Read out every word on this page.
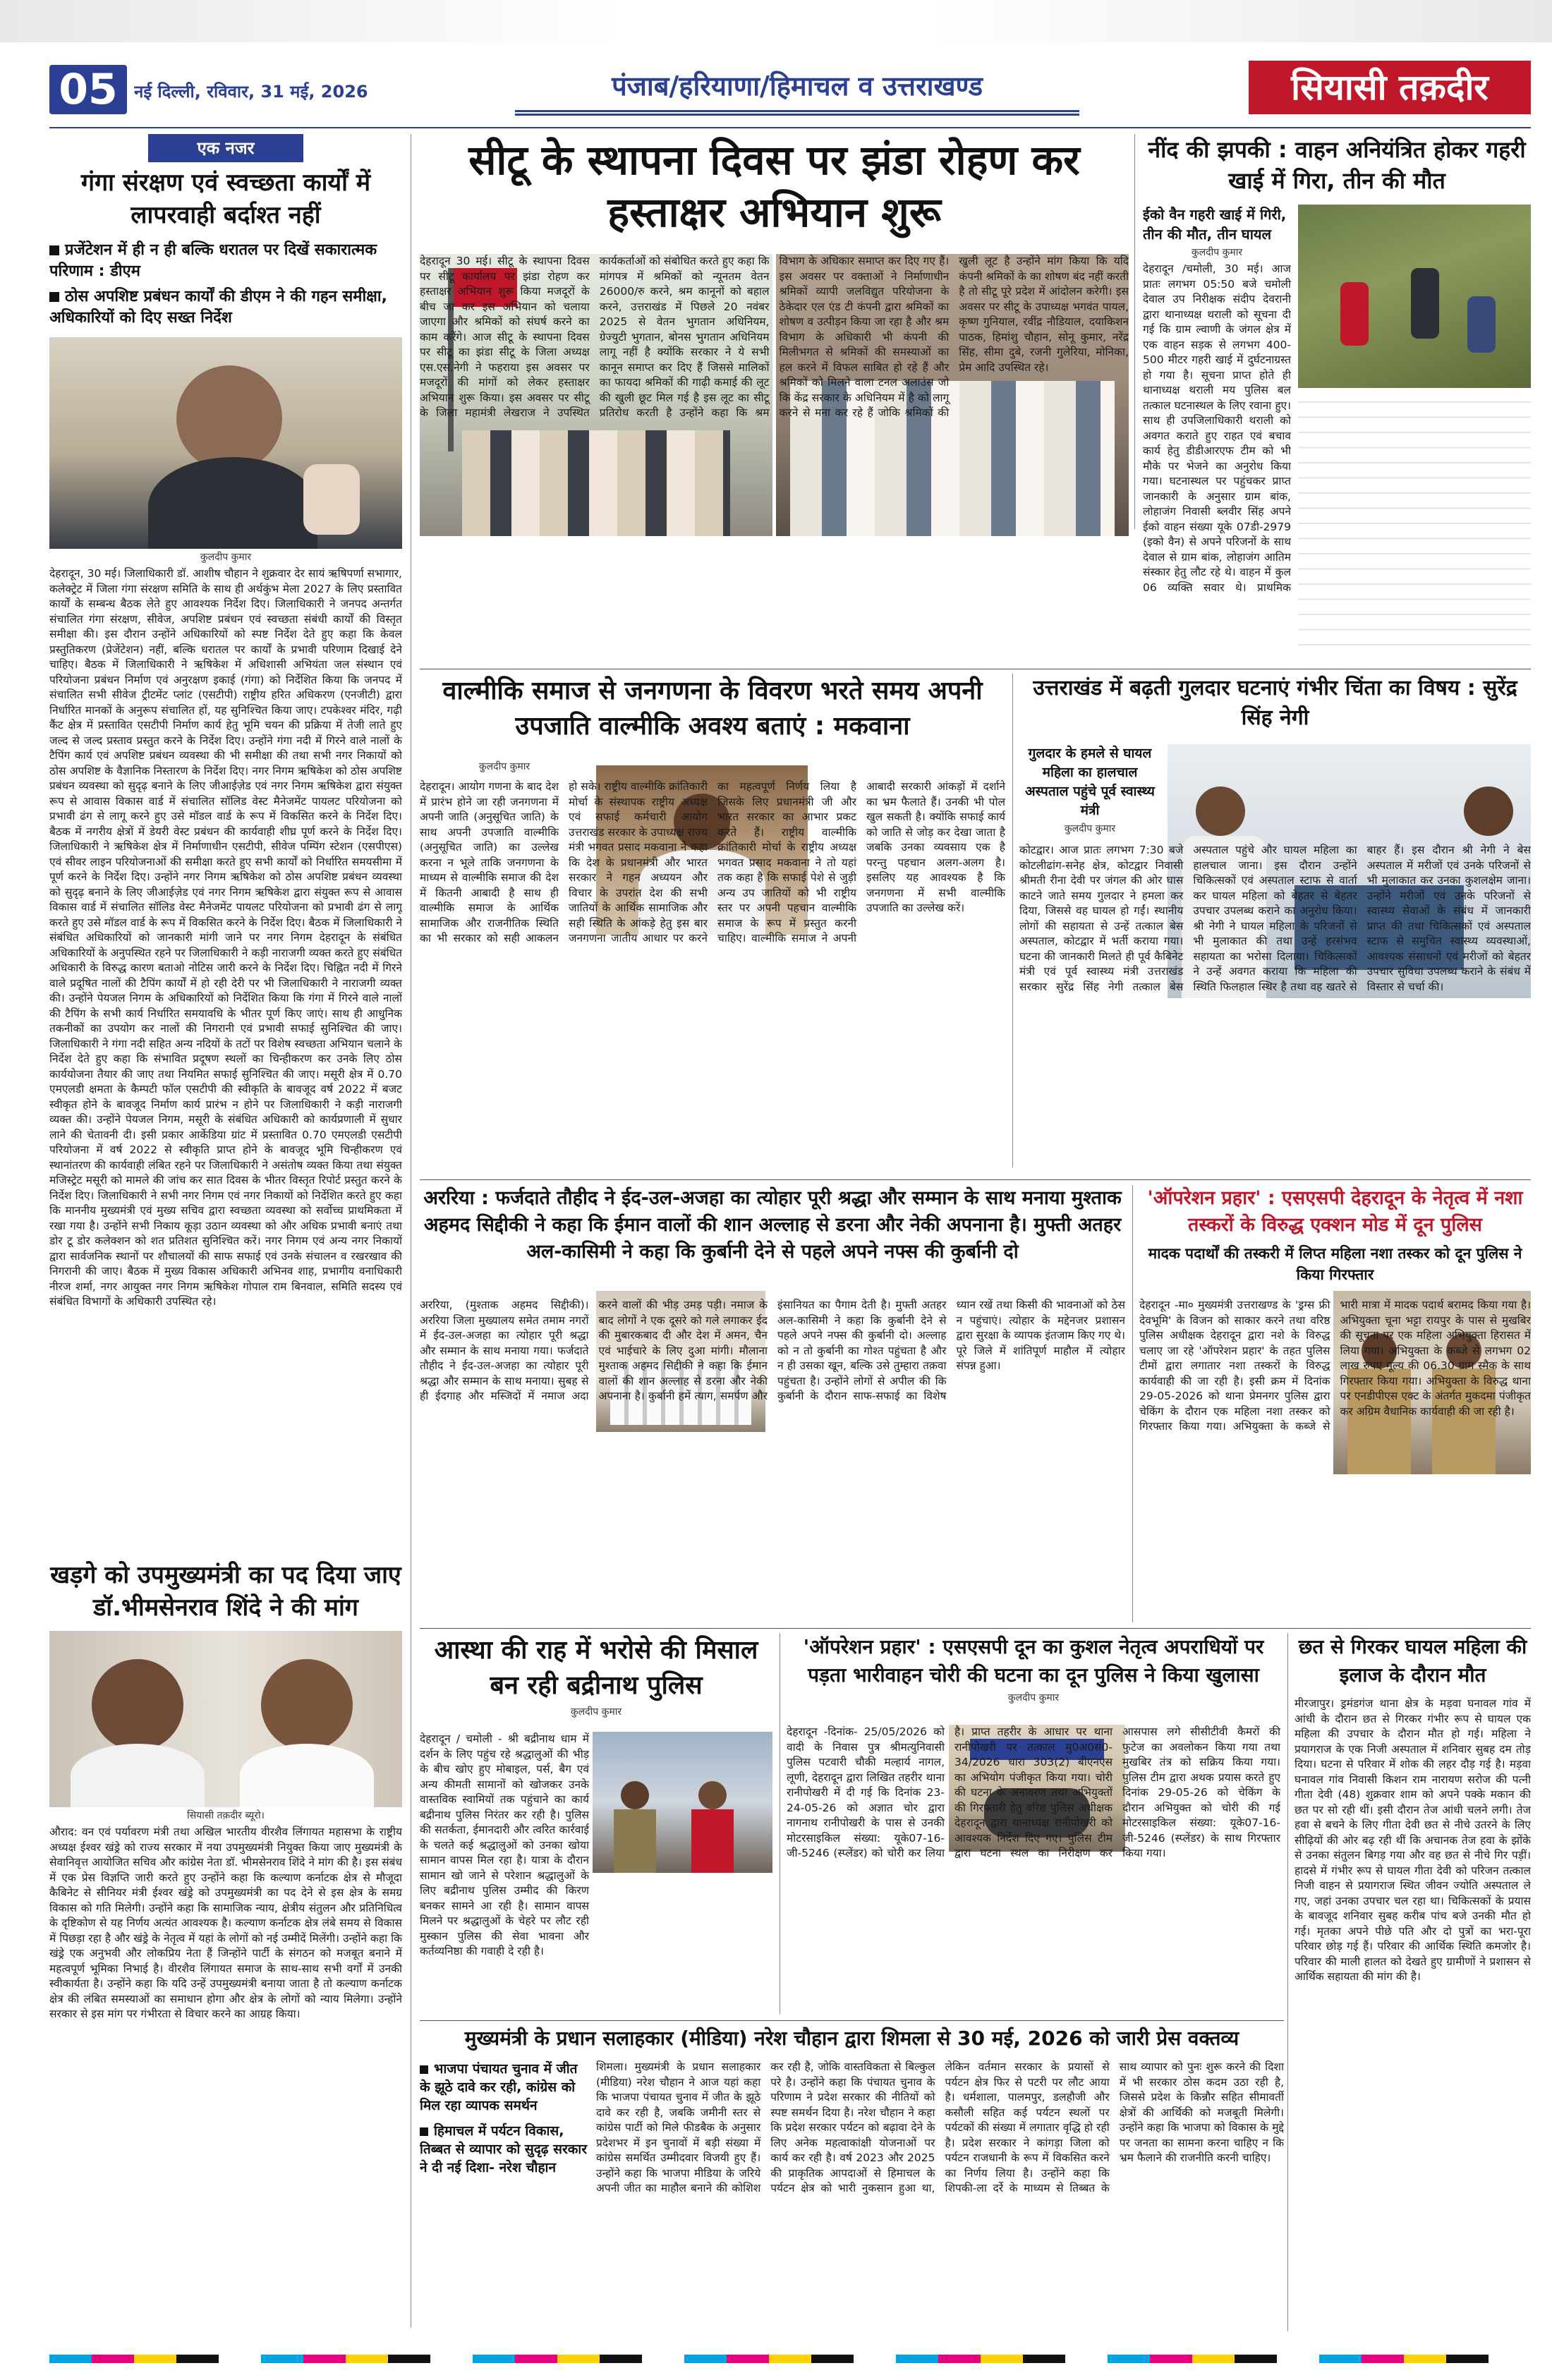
05 नई दिल्ली, रविवार, 31 मई, 2026	पंजाब/हरियाणा/हिमाचल व उत्तराखण्ड	सियासी तक़दीर
एक नजर
गंगा संरक्षण एवं स्वच्छता कार्यों में लापरवाही बर्दाश्त नहीं
प्रजेंटेशन में ही न ही बल्कि धरातल पर दिखें सकारात्मक परिणाम : डीएम
ठोस अपशिष्ट प्रबंधन कार्यों की डीएम ने की गहन समीक्षा, अधिकारियों को दिए सख्त निर्देश
कुलदीप कुमार
देहरादून, 30 मई। जिलाधिकारी डॉ. आशीष चौहान ने शुक्रवार देर सायं ऋषिपर्णा सभागार, कलेक्ट्रेट में जिला गंगा संरक्षण समिति के साथ ही अर्थकुंभ मेला 2027 के लिए प्रस्तावित कार्यों के सम्बन्ध बैठक लेते हुए आवश्यक निर्देश दिए। जिलाधिकारी ने जनपद अन्तर्गत संचालित गंगा संरक्षण, सीवेज, अपशिष्ट प्रबंधन एवं स्वच्छता संबंधी कार्यों की विस्तृत समीक्षा की। इस दौरान उन्होंने अधिकारियों को स्पष्ट निर्देश देते हुए कहा कि केवल प्रस्तुतिकरण (प्रेजेंटेशन) नहीं, बल्कि धरातल पर कार्यों के प्रभावी परिणाम दिखाई देने चाहिए। बैठक में जिलाधिकारी ने ऋषिकेश में अधिशासी अभियंता जल संस्थान एवं परियोजना प्रबंधन निर्माण एवं अनुरक्षण इकाई (गंगा) को निर्देशित किया कि जनपद में संचालित सभी सीवेज ट्रीटमेंट प्लांट (एसटीपी) राष्ट्रीय हरित अधिकरण (एनजीटी) द्वारा निर्धारित मानकों के अनुरूप संचालित हों, यह सुनिश्चित किया जाए। टपकेश्वर मंदिर, गढ़ी कैंट क्षेत्र में प्रस्तावित एसटीपी निर्माण कार्य हेतु भूमि चयन की प्रक्रिया में तेजी लाते हुए जल्द से जल्द प्रस्ताव प्रस्तुत करने के निर्देश दिए। उन्होंने गंगा नदी में गिरने वाले नालों के टैपिंग कार्य एवं अपशिष्ट प्रबंधन व्यवस्था की भी समीक्षा की तथा सभी नगर निकायों को ठोस अपशिष्ट के वैज्ञानिक निस्तारण के निर्देश दिए। नगर निगम ऋषिकेश को ठोस अपशिष्ट प्रबंधन व्यवस्था को सुदृढ़ बनाने के लिए जीआईज़ेड एवं नगर निगम ऋषिकेश द्वारा संयुक्त रूप से आवास विकास वार्ड में संचालित सॉलिड वेस्ट मैनेजमेंट पायलट परियोजना को प्रभावी ढंग से लागू करने हुए उसे मॉडल वार्ड के रूप में विकसित करने के निर्देश दिए। बैठक में नगरीय क्षेत्रों में डेयरी वेस्ट प्रबंधन की कार्यवाही शीघ्र पूर्ण करने के निर्देश दिए। जिलाधिकारी ने ऋषिकेश क्षेत्र में निर्माणाधीन एसटीपी, सीवेज पम्पिंग स्टेशन (एसपीएस) एवं सीवर लाइन परियोजनाओं की समीक्षा करते हुए सभी कार्यों को निर्धारित समयसीमा में पूर्ण करने के निर्देश दिए। उन्होंने नगर निगम ऋषिकेश को ठोस अपशिष्ट प्रबंधन व्यवस्था को सुदृढ़ बनाने के लिए जीआईज़ेड एवं नगर निगम ऋषिकेश द्वारा संयुक्त रूप से आवास विकास वार्ड में संचालित सॉलिड वेस्ट मैनेजमेंट पायलट परियोजना को प्रभावी ढंग से लागू करते हुए उसे मॉडल वार्ड के रूप में विकसित करने के निर्देश दिए। बैठक में जिलाधिकारी ने संबंधित अधिकारियों को जानकारी मांगी जाने पर नगर निगम देहरादून के संबंधित अधिकारियों के अनुपस्थित रहने पर जिलाधिकारी ने कड़ी नाराजगी व्यक्त करते हुए संबंधित अधिकारी के विरुद्ध कारण बताओ नोटिस जारी करने के निर्देश दिए। चिह्नित नदी में गिरने वाले प्रदूषित नालों की टैपिंग कार्यों में हो रही देरी पर भी जिलाधिकारी ने नाराजगी व्यक्त की। उन्होंने पेयजल निगम के अधिकारियों को निर्देशित किया कि गंगा में गिरने वाले नालों की टैपिंग के सभी कार्य निर्धारित समयावधि के भीतर पूर्ण किए जाएं। साथ ही आधुनिक तकनीकों का उपयोग कर नालों की निगरानी एवं प्रभावी सफाई सुनिश्चित की जाए। जिलाधिकारी ने गंगा नदी सहित अन्य नदियों के तटों पर विशेष स्वच्छता अभियान चलाने के निर्देश देते हुए कहा कि संभावित प्रदूषण स्थलों का चिन्हीकरण कर उनके लिए ठोस कार्ययोजना तैयार की जाए तथा नियमित सफाई सुनिश्चित की जाए। मसूरी क्षेत्र में 0.70 एमएलडी क्षमता के कैम्पटी फॉल एसटीपी की स्वीकृति के बावजूद वर्ष 2022 में बजट स्वीकृत होने के बावजूद निर्माण कार्य प्रारंभ न होने पर जिलाधिकारी ने कड़ी नाराजगी व्यक्त की। उन्होंने पेयजल निगम, मसूरी के संबंधित अधिकारी को कार्यप्रणाली में सुधार लाने की चेतावनी दी। इसी प्रकार आर्केडिया ग्रांट में प्रस्तावित 0.70 एमएलडी एसटीपी परियोजना में वर्ष 2022 से स्वीकृति प्राप्त होने के बावजूद भूमि चिन्हीकरण एवं स्थानांतरण की कार्यवाही लंबित रहने पर जिलाधिकारी ने असंतोष व्यक्त किया तथा संयुक्त मजिस्ट्रेट मसूरी को मामले की जांच कर सात दिवस के भीतर विस्तृत रिपोर्ट प्रस्तुत करने के निर्देश दिए। जिलाधिकारी ने सभी नगर निगम एवं नगर निकायों को निर्देशित करते हुए कहा कि माननीय मुख्यमंत्री एवं मुख्य सचिव द्वारा स्वच्छता व्यवस्था को सर्वोच्च प्राथमिकता में रखा गया है। उन्होंने सभी निकाय कूड़ा उठान व्यवस्था को और अधिक प्रभावी बनाएं तथा डोर टू डोर कलेक्शन को शत प्रतिशत सुनिश्चित करें। नगर निगम एवं अन्य नगर निकायों द्वारा सार्वजनिक स्थानों पर शौचालयों की साफ सफाई एवं उनके संचालन व रखरखाव की निगरानी की जाए। बैठक में मुख्य विकास अधिकारी अभिनव शाह, प्रभागीय वनाधिकारी नीरज शर्मा, नगर आयुक्त नगर निगम ऋषिकेश गोपाल राम बिनवाल, समिति सदस्य एवं संबंधित विभागों के अधिकारी उपस्थित रहे।
खड़गे को उपमुख्यमंत्री का पद दिया जाए डॉ.भीमसेनराव शिंदे ने की मांग
सियासी तक़दीर ब्यूरो।
औराद: वन एवं पर्यावरण मंत्री तथा अखिल भारतीय वीरशैव लिंगायत महासभा के राष्ट्रीय अध्यक्ष ईश्वर खंड्रे को राज्य सरकार में नया उपमुख्यमंत्री नियुक्त किया जाए मुख्यमंत्री के सेवानिवृत्त आयोजित सचिव और कांग्रेस नेता डॉ. भीमसेनराव शिंदे ने मांग की है। इस संबंध में एक प्रेस विज्ञप्ति जारी करते हुए उन्होंने कहा कि कल्याण कर्नाटक क्षेत्र से मौजूदा कैबिनेट से सीनियर मंत्री ईश्वर खंड्रे को उपमुख्यमंत्री का पद देने से इस क्षेत्र के समग्र विकास को गति मिलेगी। उन्होंने कहा कि सामाजिक न्याय, क्षेत्रीय संतुलन और प्रतिनिधित्व के दृष्टिकोण से यह निर्णय अत्यंत आवश्यक है। कल्याण कर्नाटक क्षेत्र लंबे समय से विकास में पिछड़ा रहा है और खंड्रे के नेतृत्व में यहां के लोगों को नई उम्मीदें मिलेंगी। उन्होंने कहा कि खंड्रे एक अनुभवी और लोकप्रिय नेता हैं जिन्होंने पार्टी के संगठन को मजबूत बनाने में महत्वपूर्ण भूमिका निभाई है। वीरशैव लिंगायत समाज के साथ-साथ सभी वर्गों में उनकी स्वीकार्यता है। उन्होंने कहा कि यदि उन्हें उपमुख्यमंत्री बनाया जाता है तो कल्याण कर्नाटक क्षेत्र की लंबित समस्याओं का समाधान होगा और क्षेत्र के लोगों को न्याय मिलेगा। उन्होंने सरकार से इस मांग पर गंभीरता से विचार करने का आग्रह किया।
सीटू के स्थापना दिवस पर झंडा रोहण कर हस्ताक्षर अभियान शुरू
देहरादून 30 मई। सीटू के स्थापना दिवस पर सीटू कार्यालय पर झंडा रोहण कर हस्ताक्षर अभियान शुरू किया मजदूरों के बीच जा कर इस अभियान को चलाया जाएगा और श्रमिकों को संघर्ष करने का काम करेंगे। आज सीटू के स्थापना दिवस पर सीटू का झंडा सीटू के जिला अध्यक्ष एस.एस.नेगी ने फहराया इस अवसर पर मजदूरों की मांगों को लेकर हस्ताक्षर अभियान शुरू किया। इस अवसर पर सीटू के जिला महामंत्री लेखराज ने उपस्थित कार्यकर्ताओं को संबोधित करते हुए कहा कि मांगपत्र में श्रमिकों को न्यूनतम वेतन 26000/रु करने, श्रम कानूनों को बहाल करने, उत्तराखंड में पिछले 20 नवंबर 2025 से वेतन भुगतान अधिनियम, ग्रेज्युटी भुगतान, बोनस भुगतान अधिनियम लागू नहीं है क्योंकि सरकार ने ये सभी कानून समाप्त कर दिए हैं जिससे मालिकों का फायदा श्रमिकों की गाढ़ी कमाई की लूट की खुली छूट मिल गई है इस लूट का सीटू प्रतिरोध करती है उन्होंने कहा कि श्रम विभाग के अधिकार समाप्त कर दिए गए हैं। इस अवसर पर वक्ताओं ने निर्माणाधीन श्रमिकों व्यापी जलविद्युत परियोजना के ठेकेदार एल एंड टी कंपनी द्वारा श्रमिकों का शोषण व उत्पीड़न किया जा रहा है और श्रम विभाग के अधिकारी भी कंपनी की मिलीभगत से श्रमिकों की समस्याओं का हल करने में विफल साबित हो रहे हैं और श्रमिकों को मिलने वाला टनल अलाउंस जो कि केंद्र सरकार के अधिनियम में है को लागू करने से मना कर रहे हैं जोकि श्रमिकों की खुली लूट है उन्होंने मांग किया कि यदि कंपनी श्रमिकों के का शोषण बंद नहीं करती है तो सीटू पूरे प्रदेश में आंदोलन करेगी। इस अवसर पर सीटू के उपाध्यक्ष भगवंत पायल, कृष्ण गुनियाल, रवींद्र नौडियाल, दयाकिशन पाठक, हिमांशु चौहान, सोनू कुमार, नरेंद्र सिंह, सीमा दुबे, रजनी गुलेरिया, मोनिका, प्रेम आदि उपस्थित रहे।
नींद की झपकी : वाहन अनियंत्रित होकर गहरी खाई में गिरा, तीन की मौत
ईको वैन गहरी खाई में गिरी, तीन की मौत, तीन घायल
कुलदीप कुमार
देहरादून /चमोली, 30 मई। आज प्रातः लगभग 05:50 बजे चमोली देवाल उप निरीक्षक संदीप देवरानी द्वारा थानाध्यक्ष थराली को सूचना दी गई कि ग्राम ल्वाणी के जंगल क्षेत्र में एक वाहन सड़क से लगभग 400-500 मीटर गहरी खाई में दुर्घटनाग्रस्त हो गया है। सूचना प्राप्त होते ही थानाध्यक्ष थराली मय पुलिस बल तत्काल घटनास्थल के लिए रवाना हुए। साथ ही उपजिलाधिकारी थराली को अवगत कराते हुए राहत एवं बचाव कार्य हेतु डीडीआरएफ टीम को भी मौके पर भेजने का अनुरोध किया गया। घटनास्थल पर पहुंचकर प्राप्त जानकारी के अनुसार ग्राम बांक, लोहाजंग निवासी ब्लवीर सिंह अपने ईको वाहन संख्या यूके 07डी-2979 (इको वैन) से अपने परिजनों के साथ देवाल से ग्राम बांक, लोहाजंग आतिम संस्कार हेतु लौट रहे थे। वाहन में कुल 06 व्यक्ति सवार थे। प्राथमिक
वाल्मीकि समाज से जनगणना के विवरण भरते समय अपनी उपजाति वाल्मीकि अवश्य बताएं : मकवाना
कुलदीप कुमार
देहरादून। आयोग गणना के बाद देश में प्रारंभ होने जा रही जनगणना में अपनी जाति (अनुसूचित जाति) के साथ अपनी उपजाति वाल्मीकि (अनुसूचित जाति) का उल्लेख करना न भूले ताकि जनगणना के माध्यम से वाल्मीकि समाज की देश में कितनी आबादी है साथ ही वाल्मीकि समाज के आर्थिक सामाजिक और राजनीतिक स्थिति का भी सरकार को सही आकलन हो सके। राष्ट्रीय वाल्मीकि क्रांतिकारी मोर्चा के संस्थापक राष्ट्रीय अध्यक्ष एवं सफाई कर्मचारी आयोग उत्तराखंड सरकार के उपाध्यक्ष राज्य मंत्री भगवत प्रसाद मकवाना ने कहा कि देश के प्रधानमंत्री और भारत सरकार ने गहन अध्ययन और विचार के उपरांत देश की सभी जातियों के आर्थिक सामाजिक और सही स्थिति के आंकड़े हेतु इस बार जनगणना जातीय आधार पर करने का महत्वपूर्ण निर्णय लिया है जिसके लिए प्रधानमंत्री जी और भारत सरकार का आभार प्रकट करते हैं। राष्ट्रीय वाल्मीकि क्रांतिकारी मोर्चा के राष्ट्रीय अध्यक्ष भगवत प्रसाद मकवाना ने तो यहां तक कहा है कि सफाई पेशे से जुड़ी अन्य उप जातियों को भी राष्ट्रीय स्तर पर अपनी पहचान वाल्मीकि समाज के रूप में प्रस्तुत करनी चाहिए। वाल्मीकि समाज ने अपनी आबादी सरकारी आंकड़ों में दर्शाने का भ्रम फैलाते हैं। उनकी भी पोल खुल सकती है। क्योंकि सफाई कार्य को जाति से जोड़ कर देखा जाता है जबकि उनका व्यवसाय एक है परन्तु पहचान अलग-अलग है। इसलिए यह आवश्यक है कि जनगणना में सभी वाल्मीकि उपजाति का उल्लेख करें।
उत्तराखंड में बढ़ती गुलदार घटनाएं गंभीर चिंता का विषय : सुरेंद्र सिंह नेगी
गुलदार के हमले से घायल महिला का हालचाल अस्पताल पहुंचे पूर्व स्वास्थ्य मंत्री
कुलदीप कुमार
कोटद्वार। आज प्रातः लगभग 7:30 बजे कोटलीढांग-सनेह क्षेत्र, कोटद्वार निवासी श्रीमती रीना देवी पर जंगल की ओर घास काटने जाते समय गुलदार ने हमला कर दिया, जिससे वह घायल हो गईं। स्थानीय लोगों की सहायता से उन्हें तत्काल बेस अस्पताल, कोटद्वार में भर्ती कराया गया। घटना की जानकारी मिलते ही पूर्व कैबिनेट मंत्री एवं पूर्व स्वास्थ्य मंत्री उत्तराखंड सरकार सुरेंद्र सिंह नेगी तत्काल बेस अस्पताल पहुंचे और घायल महिला का हालचाल जाना। इस दौरान उन्होंने चिकित्सकों एवं अस्पताल स्टाफ से वार्ता कर घायल महिला को बेहतर से बेहतर उपचार उपलब्ध कराने का अनुरोध किया। श्री नेगी ने घायल महिला के परिजनों से भी मुलाकात की तथा उन्हें हरसंभव सहायता का भरोसा दिलाया। चिकित्सकों ने उन्हें अवगत कराया कि महिला की स्थिति फिलहाल स्थिर है तथा वह खतरे से बाहर हैं। इस दौरान श्री नेगी ने बेस अस्पताल में मरीजों एवं उनके परिजनों से भी मुलाकात कर उनका कुशलक्षेम जाना। उन्होंने मरीजों एवं उनके परिजनों से स्वास्थ्य सेवाओं के संबंध में जानकारी प्राप्त की तथा चिकित्सकों एवं अस्पताल स्टाफ से समुचित स्वास्थ्य व्यवस्थाओं, आवश्यक संसाधनों एवं मरीजों को बेहतर उपचार सुविधा उपलब्ध कराने के संबंध में विस्तार से चर्चा की।
अररिया : फर्जदाते तौहीद ने ईद-उल-अजहा का त्योहार पूरी श्रद्धा और सम्मान के साथ मनाया मुश्ताक अहमद सिद्दीकी ने कहा कि ईमान वालों की शान अल्लाह से डरना और नेकी अपनाना है। मुफ्ती अतहर अल-कासिमी ने कहा कि कुर्बानी देने से पहले अपने नफ्स की कुर्बानी दो
अररिया, (मुश्ताक अहमद सिद्दीकी)। अररिया जिला मुख्यालय समेत तमाम नगरों में ईद-उल-अजहा का त्योहार पूरी श्रद्धा और सम्मान के साथ मनाया गया। फर्जदाते तौहीद ने ईद-उल-अजहा का त्योहार पूरी श्रद्धा और सम्मान के साथ मनाया। सुबह से ही ईदगाह और मस्जिदों में नमाज अदा करने वालों की भीड़ उमड़ पड़ी। नमाज के बाद लोगों ने एक दूसरे को गले लगाकर ईद की मुबारकबाद दी और देश में अमन, चैन एवं भाईचारे के लिए दुआ मांगी। मौलाना मुश्ताक अहमद सिद्दीकी ने कहा कि ईमान वालों की शान अल्लाह से डरना और नेकी अपनाना है। कुर्बानी हमें त्याग, समर्पण और इंसानियत का पैगाम देती है। मुफ्ती अतहर अल-कासिमी ने कहा कि कुर्बानी देने से पहले अपने नफ्स की कुर्बानी दो। अल्लाह को न तो कुर्बानी का गोश्त पहुंचता है और न ही उसका खून, बल्कि उसे तुम्हारा तक़वा पहुंचता है। उन्होंने लोगों से अपील की कि कुर्बानी के दौरान साफ-सफाई का विशेष ध्यान रखें तथा किसी की भावनाओं को ठेस न पहुंचाएं। त्योहार के मद्देनजर प्रशासन द्वारा सुरक्षा के व्यापक इंतजाम किए गए थे। पूरे जिले में शांतिपूर्ण माहौल में त्योहार संपन्न हुआ।
'ऑपरेशन प्रहार' : एसएसपी देहरादून के नेतृत्व में नशा तस्करों के विरुद्ध एक्शन मोड में दून पुलिस
मादक पदार्थों की तस्करी में लिप्त महिला नशा तस्कर को दून पुलिस ने किया गिरफ्तार
देहरादून -मा० मुख्यमंत्री उत्तराखण्ड के 'ड्रग्स फ्री देवभूमि' के विजन को साकार करने तथा वरिष्ठ पुलिस अधीक्षक देहरादून द्वारा नशे के विरुद्ध चलाए जा रहे 'ऑपरेशन प्रहार' के तहत पुलिस टीमों द्वारा लगातार नशा तस्करों के विरुद्ध कार्यवाही की जा रही है। इसी क्रम में दिनांक 29-05-2026 को थाना प्रेमनगर पुलिस द्वारा चेकिंग के दौरान एक महिला नशा तस्कर को गिरफ्तार किया गया। अभियुक्ता के कब्जे से भारी मात्रा में मादक पदार्थ बरामद किया गया है। अभियुक्ता चूना भट्टा रायपुर के पास से मुखबिर की सूचना पर एक महिला अभियुक्ता हिरासत में लिया गया। अभियुक्ता के कब्जे से लगभग 02 लाख रुपए मूल्य की 06.30 ग्राम स्मैक के साथ गिरफ्तार किया गया। अभियुक्ता के विरुद्ध थाना पर एनडीपीएस एक्ट के अंतर्गत मुकदमा पंजीकृत कर अग्रिम वैधानिक कार्यवाही की जा रही है।
आस्था की राह में भरोसे की मिसाल बन रही बद्रीनाथ पुलिस
कुलदीप कुमार
देहरादून / चमोली - श्री बद्रीनाथ धाम में दर्शन के लिए पहुंच रहे श्रद्धालुओं की भीड़ के बीच खोए हुए मोबाइल, पर्स, बैग एवं अन्य कीमती सामानों को खोजकर उनके वास्तविक स्वामियों तक पहुंचाने का कार्य बद्रीनाथ पुलिस निरंतर कर रही है। पुलिस की सतर्कता, ईमानदारी और त्वरित कार्रवाई के चलते कई श्रद्धालुओं को उनका खोया सामान वापस मिल रहा है। यात्रा के दौरान सामान खो जाने से परेशान श्रद्धालुओं के लिए बद्रीनाथ पुलिस उम्मीद की किरण बनकर सामने आ रही है। सामान वापस मिलने पर श्रद्धालुओं के चेहरे पर लौट रही मुस्कान पुलिस की सेवा भावना और कर्तव्यनिष्ठा की गवाही दे रही है।
'ऑपरेशन प्रहार' : एसएसपी दून का कुशल नेतृत्व अपराधियों पर पड़ता भारीवाहन चोरी की घटना का दून पुलिस ने किया खुलासा
कुलदीप कुमार
देहरादून -दिनांक- 25/05/2026 को वादी के निवास पुत्र श्रीमत्युनिवासी पुलिस पटवारी चौकी मल्हार्य नागल, लूणी, देहरादून द्वारा लिखित तहरीर थाना रानीपोखरी में दी गई कि दिनांक 23-24-05-26 को अज्ञात चोर द्वारा नागनाथ रानीपोखरी के पास से उनकी मोटरसाइकिल संख्या: यूके07-16-जी-5246 (स्प्लेंडर) को चोरी कर लिया है। प्राप्त तहरीर के आधार पर थाना रानीपोखरी पर तत्काल मु0अ0सं0- 34/2026 धारा 303(2) बीएनएस का अभियोग पंजीकृत किया गया। चोरी की घटना के अनावरण तथा अभियुक्तों की गिरफ्तारी हेतु वरिष्ठ पुलिस अधीक्षक देहरादून द्वारा थानाध्यक्ष रानीपोखरी को आवश्यक निर्देश दिए गए। पुलिस टीम द्वारा घटना स्थल का निरीक्षण कर आसपास लगे सीसीटीवी कैमरों की फुटेज का अवलोकन किया गया तथा मुखबिर तंत्र को सक्रिय किया गया। पुलिस टीम द्वारा अथक प्रयास करते हुए दिनांक 29-05-26 को चेकिंग के दौरान अभियुक्त को चोरी की गई मोटरसाइकिल संख्या: यूके07-16-जी-5246 (स्प्लेंडर) के साथ गिरफ्तार किया गया।
छत से गिरकर घायल महिला की इलाज के दौरान मौत
मीरजापुर। ड्रमंडगंज थाना क्षेत्र के मड़वा घनावल गांव में आंधी के दौरान छत से गिरकर गंभीर रूप से घायल एक महिला की उपचार के दौरान मौत हो गई। महिला ने प्रयागराज के एक निजी अस्पताल में शनिवार सुबह दम तोड़ दिया। घटना से परिवार में शोक की लहर दौड़ गई है। मड़वा घनावल गांव निवासी किशन राम नारायण सरोज की पत्नी गीता देवी (48) शुक्रवार शाम को अपने पक्के मकान की छत पर सो रही थीं। इसी दौरान तेज आंधी चलने लगी। तेज हवा से बचने के लिए गीता देवी छत से नीचे उतरने के लिए सीढ़ियों की ओर बढ़ रही थीं कि अचानक तेज हवा के झोंके से उनका संतुलन बिगड़ गया और वह छत से नीचे गिर पड़ीं। हादसे में गंभीर रूप से घायल गीता देवी को परिजन तत्काल निजी वाहन से प्रयागराज स्थित जीवन ज्योति अस्पताल ले गए, जहां उनका उपचार चल रहा था। चिकित्सकों के प्रयास के बावजूद शनिवार सुबह करीब पांच बजे उनकी मौत हो गई। मृतका अपने पीछे पति और दो पुत्रों का भरा-पूरा परिवार छोड़ गई हैं। परिवार की आर्थिक स्थिति कमजोर है। परिवार की माली हालत को देखते हुए ग्रामीणों ने प्रशासन से आर्थिक सहायता की मांग की है।
मुख्यमंत्री के प्रधान सलाहकार (मीडिया) नरेश चौहान द्वारा शिमला से 30 मई, 2026 को जारी प्रेस वक्तव्य
भाजपा पंचायत चुनाव में जीत के झूठे दावे कर रही, कांग्रेस को मिल रहा व्यापक समर्थन
हिमाचल में पर्यटन विकास, तिब्बत से व्यापार को सुदृढ़ सरकार ने दी नई दिशा- नरेश चौहान
शिमला। मुख्यमंत्री के प्रधान सलाहकार (मीडिया) नरेश चौहान ने आज यहां कहा कि भाजपा पंचायत चुनाव में जीत के झूठे दावे कर रही है, जबकि जमीनी स्तर से कांग्रेस पार्टी को मिले फीडबैक के अनुसार प्रदेशभर में इन चुनावों में बड़ी संख्या में कांग्रेस समर्थित उम्मीदवार विजयी हुए हैं। उन्होंने कहा कि भाजपा मीडिया के जरिये अपनी जीत का माहौल बनाने की कोशिश कर रही है, जोकि वास्तविकता से बिल्कुल परे है। उन्होंने कहा कि पंचायत चुनाव के परिणाम ने प्रदेश सरकार की नीतियों को स्पष्ट समर्थन दिया है। नरेश चौहान ने कहा कि प्रदेश सरकार पर्यटन को बढ़ावा देने के लिए अनेक महत्वाकांक्षी योजनाओं पर कार्य कर रही है। वर्ष 2023 और 2025 की प्राकृतिक आपदाओं से हिमाचल के पर्यटन क्षेत्र को भारी नुकसान हुआ था, लेकिन वर्तमान सरकार के प्रयासों से पर्यटन क्षेत्र फिर से पटरी पर लौट आया है। धर्मशाला, पालमपुर, डलहौजी और कसौली सहित कई पर्यटन स्थलों पर पर्यटकों की संख्या में लगातार वृद्धि हो रही है। प्रदेश सरकार ने कांगड़ा जिला को पर्यटन राजधानी के रूप में विकसित करने का निर्णय लिया है। उन्होंने कहा कि शिपकी-ला दर्रे के माध्यम से तिब्बत के साथ व्यापार को पुनः शुरू करने की दिशा में भी सरकार ठोस कदम उठा रही है, जिससे प्रदेश के किन्नौर सहित सीमावर्ती क्षेत्रों की आर्थिकी को मजबूती मिलेगी। उन्होंने कहा कि भाजपा को विकास के मुद्दे पर जनता का सामना करना चाहिए न कि भ्रम फैलाने की राजनीति करनी चाहिए।
